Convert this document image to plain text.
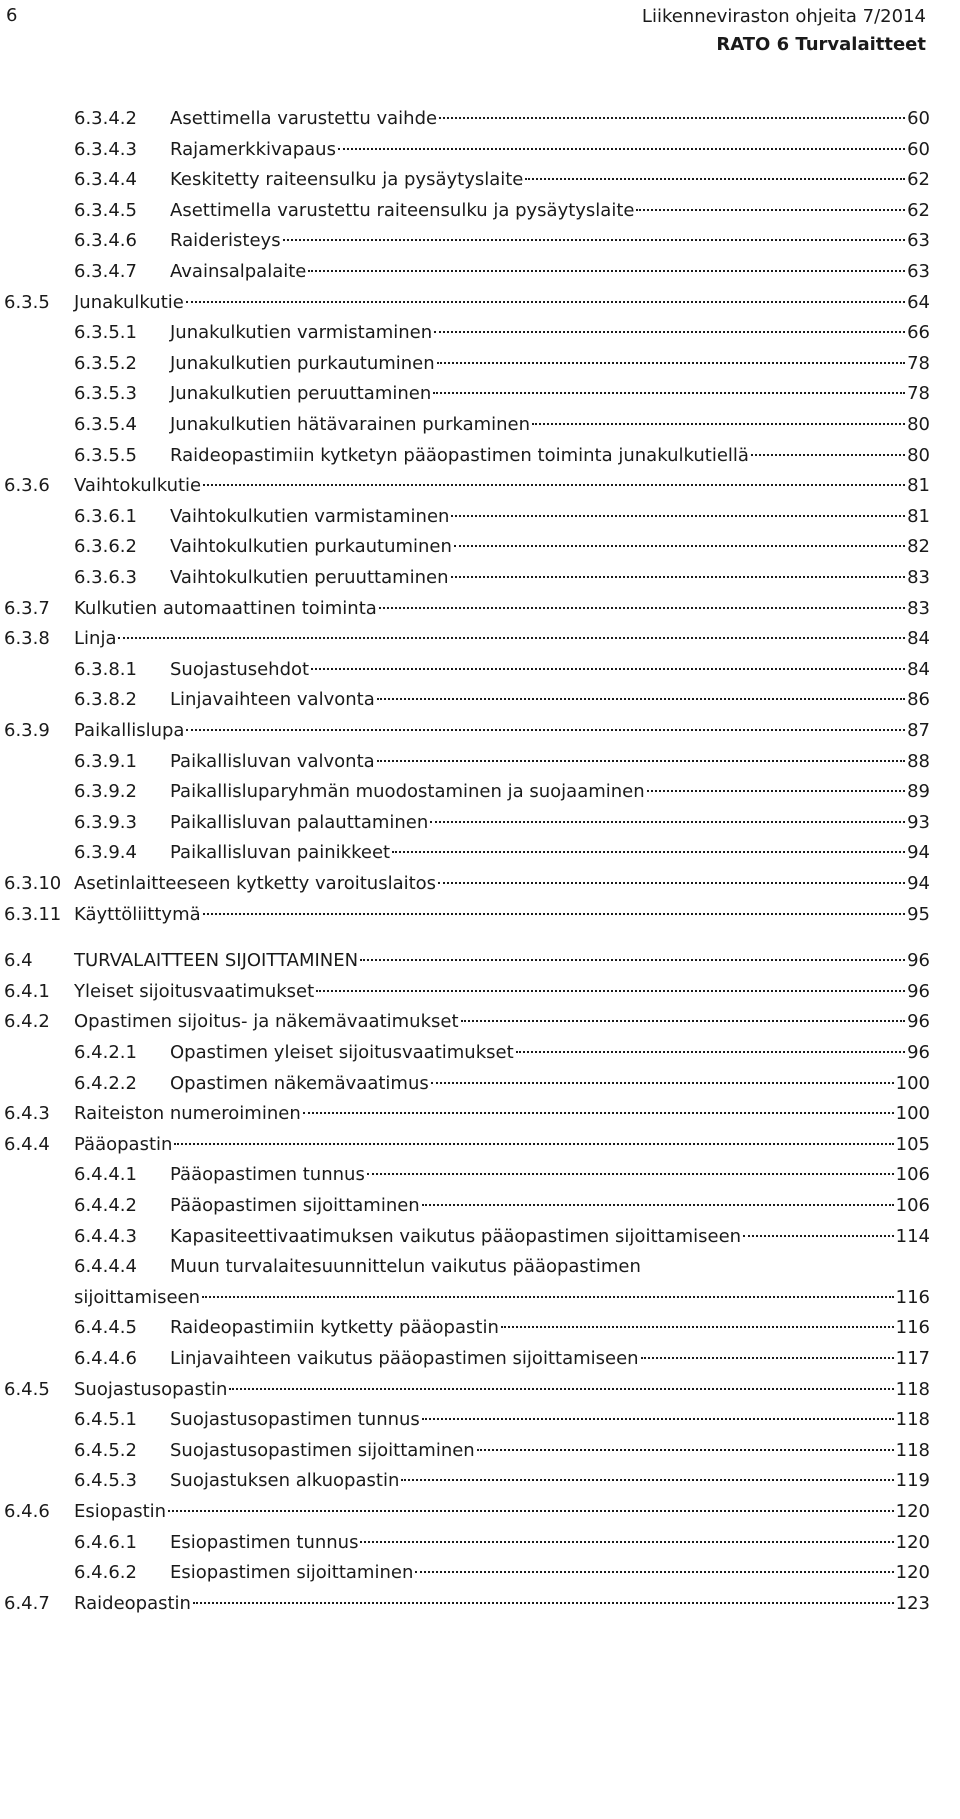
6	Liikenneviraston ohjeita 7/2014
RATO 6 Turvalaitteet
6.3.4.2	Asettimella varustettu vaihde	60
6.3.4.3	Rajamerkkivapaus	60
6.3.4.4	Keskitetty raiteensulku ja pysäytyslaite	62
6.3.4.5	Asettimella varustettu raiteensulku ja pysäytyslaite	62
6.3.4.6	Raideristeys	63
6.3.4.7	Avainsalpalaite	63
6.3.5	Junakulkutie	64
6.3.5.1	Junakulkutien varmistaminen	66
6.3.5.2	Junakulkutien purkautuminen	78
6.3.5.3	Junakulkutien peruuttaminen	78
6.3.5.4	Junakulkutien hätävarainen purkaminen	80
6.3.5.5	Raideopastimiin kytketyn pääopastimen toiminta junakulkutiellä	80
6.3.6	Vaihtokulkutie	81
6.3.6.1	Vaihtokulkutien varmistaminen	81
6.3.6.2	Vaihtokulkutien purkautuminen	82
6.3.6.3	Vaihtokulkutien peruuttaminen	83
6.3.7	Kulkutien automaattinen toiminta	83
6.3.8	Linja	84
6.3.8.1	Suojastusehdot	84
6.3.8.2	Linjavaihteen valvonta	86
6.3.9	Paikallislupa	87
6.3.9.1	Paikallisluvan valvonta	88
6.3.9.2	Paikallisluparyhmän muodostaminen ja suojaaminen	89
6.3.9.3	Paikallisluvan palauttaminen	93
6.3.9.4	Paikallisluvan painikkeet	94
6.3.10 Asetinlaitteeseen kytketty varoituslaitos	94
6.3.11 Käyttöliittymä	95
6.4	TURVALAITTEEN SIJOITTAMINEN	96
6.4.1	Yleiset sijoitusvaatimukset	96
6.4.2	Opastimen sijoitus- ja näkemävaatimukset	96
6.4.2.1	Opastimen yleiset sijoitusvaatimukset	96
6.4.2.2	Opastimen näkemävaatimus	100
6.4.3	Raiteiston numeroiminen	100
6.4.4	Pääopastin	105
6.4.4.1	Pääopastimen tunnus	106
6.4.4.2	Pääopastimen sijoittaminen	106
6.4.4.3	Kapasiteettivaatimuksen vaikutus pääopastimen sijoittamiseen	114
6.4.4.4	Muun turvalaitesuunnittelun vaikutus pääopastimen
sijoittamiseen	116
6.4.4.5	Raideopastimiin kytketty pääopastin	116
6.4.4.6	Linjavaihteen vaikutus pääopastimen sijoittamiseen	117
6.4.5	Suojastusopastin	118
6.4.5.1	Suojastusopastimen tunnus	118
6.4.5.2	Suojastusopastimen sijoittaminen	118
6.4.5.3	Suojastuksen alkuopastin	119
6.4.6	Esiopastin	120
6.4.6.1	Esiopastimen tunnus	120
6.4.6.2	Esiopastimen sijoittaminen	120
6.4.7	Raideopastin	123
